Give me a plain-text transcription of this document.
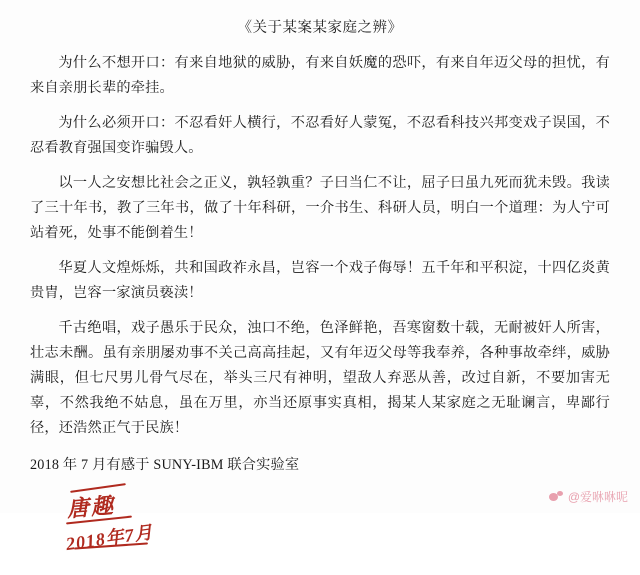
《关于某案某家庭之辨》

为什么不想开口：有来自地狱的威胁，有来自妖魔的恐吓，有来自年迈父母的担忧，有来自亲朋长辈的牵挂。

为什么必须开口：不忍看奸人横行，不忍看好人蒙冤，不忍看科技兴邦变戏子误国，不忍看教育强国变诈骗毁人。

以一人之安想比社会之正义，孰轻孰重？子曰当仁不让，屈子曰虽九死而犹未毁。我读了三十年书，教了三年书，做了十年科研，一介书生、科研人员，明白一个道理：为人宁可站着死，处事不能倒着生！

华夏人文煌烁烁，共和国政祚永昌，岂容一个戏子侮辱！五千年和平积淀，十四亿炎黄贵胄，岂容一家演员亵渎！

千古绝唱，戏子愚乐于民众，浊口不绝，色泽鲜艳，吾寒窗数十载，无耐被奸人所害，壮志未酬。虽有亲朋屡劝事不关己高高挂起，又有年迈父母等我奉养，各种事故牵绊，威胁满眼，但七尺男儿骨气尽在，举头三尺有神明，望敌人弃恶从善，改过自新，不要加害无辜，不然我绝不姑息，虽在万里，亦当还原事实真相，揭某人某家庭之无耻谰言，卑鄙行径，还浩然正气于民族！

2018 年 7 月有感于 SUNY-IBM 联合实验室
唐趣
2018年7月
@爱咻咻呢
